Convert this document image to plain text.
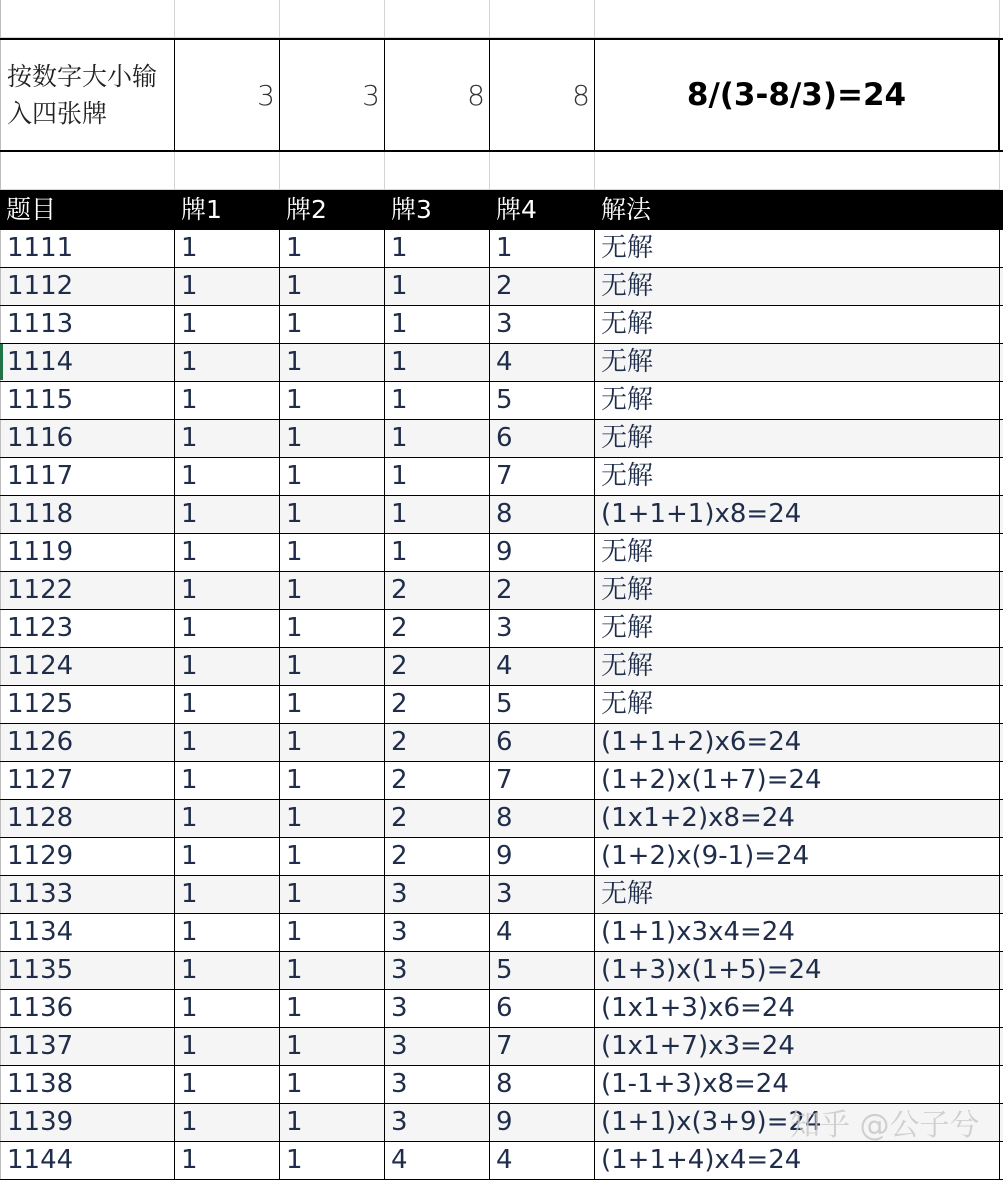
按数字大小输入四张牌
3	3	8	8	8/(3-8/3)=24
题目	牌1	牌2	牌3	牌4	解法
1111	1	1	1	1	无解
1112	1	1	1	2	无解
1113	1	1	1	3	无解
1114	1	1	1	4	无解
1115	1	1	1	5	无解
1116	1	1	1	6	无解
1117	1	1	1	7	无解
1118	1	1	1	8	(1+1+1)x8=24
1119	1	1	1	9	无解
1122	1	1	2	2	无解
1123	1	1	2	3	无解
1124	1	1	2	4	无解
1125	1	1	2	5	无解
1126	1	1	2	6	(1+1+2)x6=24
1127	1	1	2	7	(1+2)x(1+7)=24
1128	1	1	2	8	(1x1+2)x8=24
1129	1	1	2	9	(1+2)x(9-1)=24
1133	1	1	3	3	无解
1134	1	1	3	4	(1+1)x3x4=24
1135	1	1	3	5	(1+3)x(1+5)=24
1136	1	1	3	6	(1x1+3)x6=24
1137	1	1	3	7	(1x1+7)x3=24
1138	1	1	3	8	(1-1+3)x8=24
1139	1	1	3	9	(1+1)x(3+9)=24
1144	1	1	4	4	(1+1+4)x4=24
知乎 @公子兮
